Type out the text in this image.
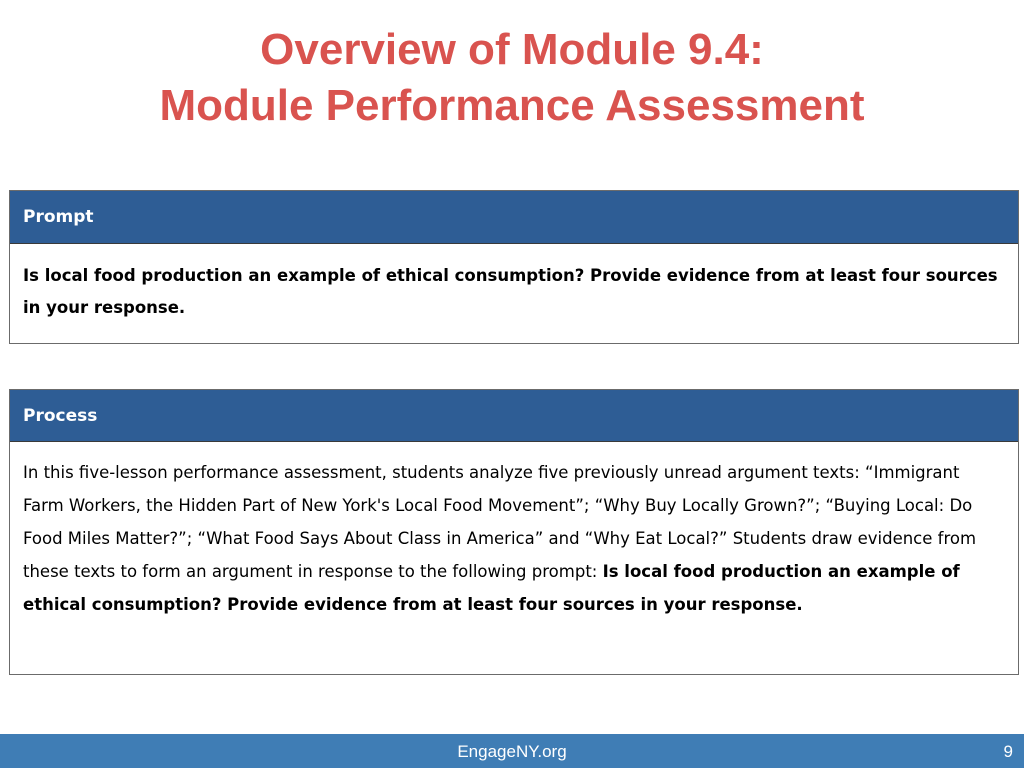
Overview of Module 9.4:
Module Performance Assessment
Prompt
Is local food production an example of ethical consumption? Provide evidence from at least four sources in your response.
Process
In this five-lesson performance assessment, students analyze five previously unread argument texts: “Immigrant Farm Workers, the Hidden Part of New York's Local Food Movement”; “Why Buy Locally Grown?”; “Buying Local: Do Food Miles Matter?”; “What Food Says About Class in America” and “Why Eat Local?” Students draw evidence from these texts to form an argument in response to the following prompt: Is local food production an example of ethical consumption? Provide evidence from at least four sources in your response.
EngageNY.org	9
